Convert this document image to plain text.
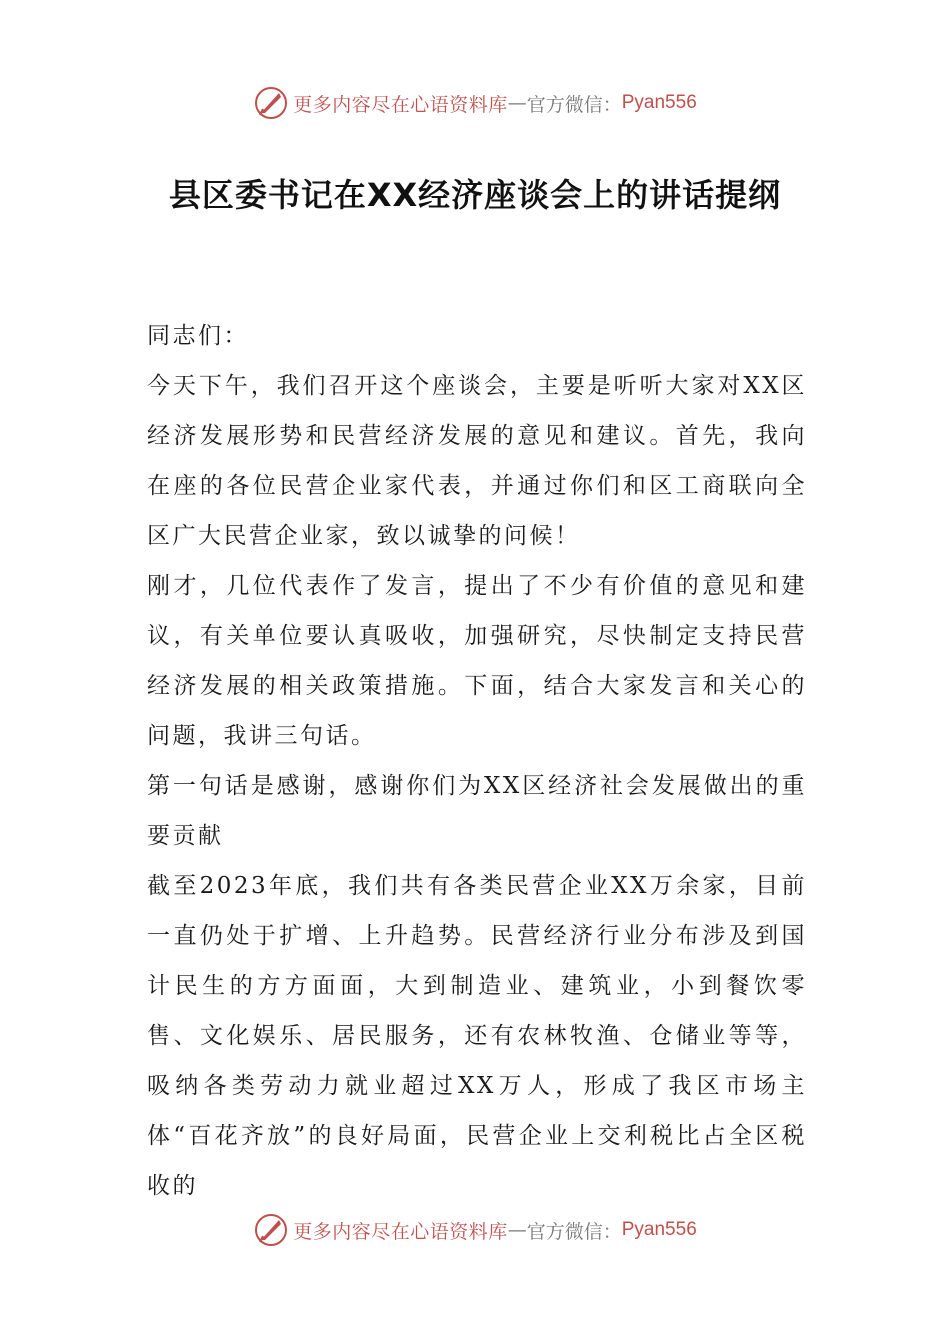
更多内容尽在心语资料库 — 官方微信： Pyan556
县区委书记在XX经济座谈会上的讲话提纲

同志们：

今天下午，我们召开这个座谈会，主要是听听大家对XX区经济发展形势和民营经济发展的意见和建议。首先，我向在座的各位民营企业家代表，并通过你们和区工商联向全区广大民营企业家，致以诚挚的问候！

刚才，几位代表作了发言，提出了不少有价值的意见和建议，有关单位要认真吸收，加强研究，尽快制定支持民营经济发展的相关政策措施。下面，结合大家发言和关心的问题，我讲三句话。

第一句话是感谢，感谢你们为XX区经济社会发展做出的重要贡献

截至2023年底，我们共有各类民营企业XX万余家，目前一直仍处于扩增、上升趋势。民营经济行业分布涉及到国计民生的方方面面，大到制造业、建筑业，小到餐饮零售、文化娱乐、居民服务，还有农林牧渔、仓储业等等，吸纳各类劳动力就业超过XX万人，形成了我区市场主体“百花齐放”的良好局面，民营企业上交利税比占全区税收的

更多内容尽在心语资料库 — 官方微信： Pyan556
